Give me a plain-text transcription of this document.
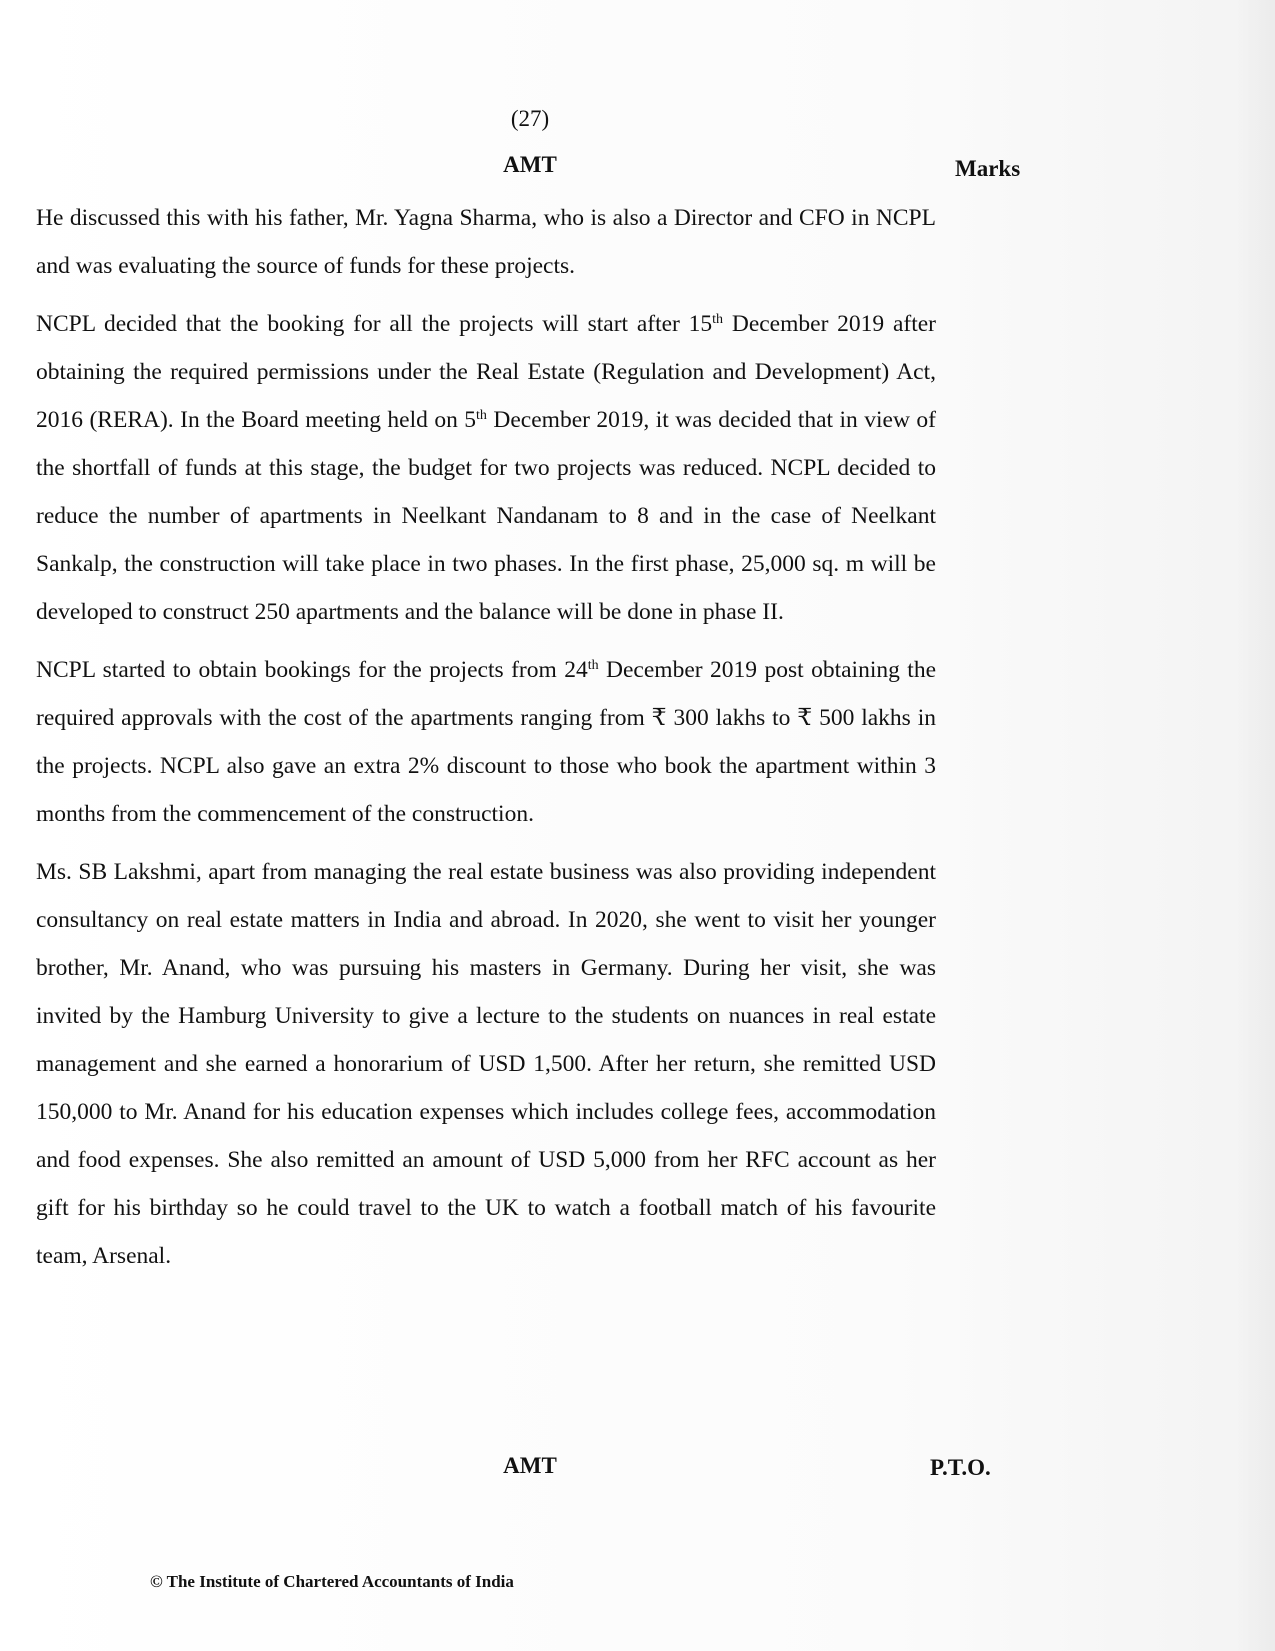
(27)
AMT	Marks

He discussed this with his father, Mr. Yagna Sharma, who is also a Director and CFO in NCPL and was evaluating the source of funds for these projects.

NCPL decided that the booking for all the projects will start after 15th December 2019 after obtaining the required permissions under the Real Estate (Regulation and Development) Act, 2016 (RERA). In the Board meeting held on 5th December 2019, it was decided that in view of the shortfall of funds at this stage, the budget for two projects was reduced. NCPL decided to reduce the number of apartments in Neelkant Nandanam to 8 and in the case of Neelkant Sankalp, the construction will take place in two phases. In the first phase, 25,000 sq. m will be developed to construct 250 apartments and the balance will be done in phase II.

NCPL started to obtain bookings for the projects from 24th December 2019 post obtaining the required approvals with the cost of the apartments ranging from ₹ 300 lakhs to ₹ 500 lakhs in the projects. NCPL also gave an extra 2% discount to those who book the apartment within 3 months from the commencement of the construction.

Ms. SB Lakshmi, apart from managing the real estate business was also providing independent consultancy on real estate matters in India and abroad. In 2020, she went to visit her younger brother, Mr. Anand, who was pursuing his masters in Germany. During her visit, she was invited by the Hamburg University to give a lecture to the students on nuances in real estate management and she earned a honorarium of USD 1,500. After her return, she remitted USD 150,000 to Mr. Anand for his education expenses which includes college fees, accommodation and food expenses. She also remitted an amount of USD 5,000 from her RFC account as her gift for his birthday so he could travel to the UK to watch a football match of his favourite team, Arsenal.

AMT	P.T.O.
© The Institute of Chartered Accountants of India
